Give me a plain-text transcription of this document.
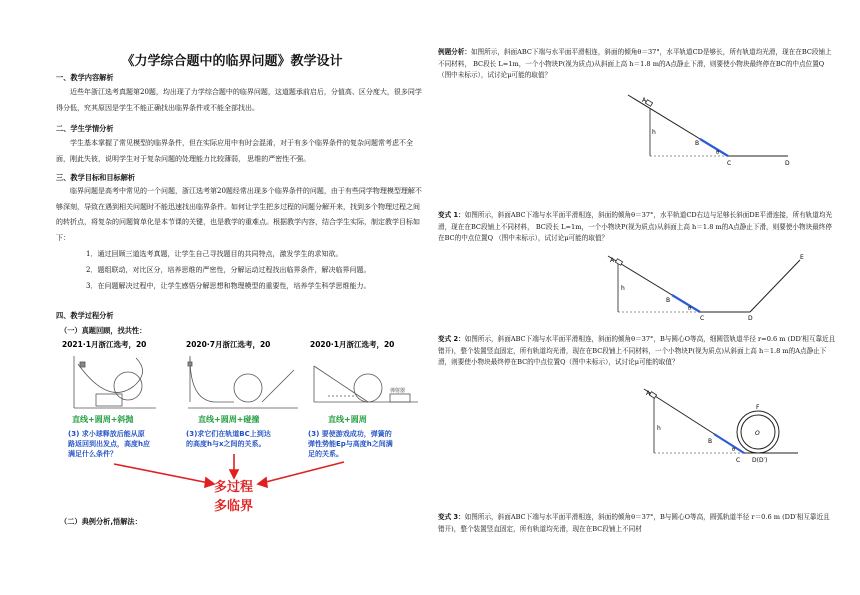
《力学综合题中的临界问题》教学设计
一、教学内容解析
近些年浙江选考真题第20题，均出现了力学综合题中的临界问题，这道题承前启后，分值高、区分度大，很多同学得分低，究其原因是学生不能正确找出临界条件或不能全部找出。
二、学生学情分析
学生基本掌握了常见模型的临界条件，但在实际应用中有时会混淆，对于有多个临界条件的复杂问题常考虑不全面，刚此失彼，说明学生对于复杂问题的处理能力比较薄弱， 思维的严密性不强。
三、教学目标和目标解析
临界问题是高考中常见的一个问题，浙江选考第20题经常出现多个临界条件的问题，由于有些同学物理模型理解不够深刻，导致在遇到相关问题时不能迅速找出临界条件。如何让学生把多过程的问题分解开来，找到多个物理过程之间的转折点，将复杂的问题简单化是本节课的关键，也是教学的重难点。根据教学内容，结合学生实际，制定教学目标如下：
1．通过回顾三道选考真题，让学生自己寻找题目的共同特点，激发学生的求知欲。
2．题组联动，对比区分，培养思维的严密性，分解运动过程找出临界条件，解决临界问题。
3．在问题解决过程中，让学生感悟分解思想和物理模型的重要性，培养学生科学思维能力。
四、教学过程分析
（一）真题回顾，找共性：
（二）典例分析,悟解法：
2021·1月浙江选考，20
直线+圆周+斜抛
(3) 求小球释放后能从原路返回到出发点，高度h应满足什么条件？
2020·7月浙江选考，20
直线+圆周+碰撞
(3)求它们在轨道BC上到达的高度h与x之间的关系。
2020·1月浙江选考，20
弹射器
直线+圆周
(3) 要使游戏成功，弹簧的弹性势能Ep与高度h之间满足的关系。
多过程
多临界
例题分析：如图所示，斜面ABC下端与水平面平滑相连，斜面的倾角θ＝37°，水平轨道CD是够长，所有轨道均光滑，现在在BC段铺上不同材料， BC段长 L=1m，一个小物块P(视为质点)从斜面上高 h＝1.8 m的A点静止下滑，则要使小物块最终停在BC的中点位置Q（图中未标示），试讨论μ可能的取值？
A
h
B
C	D
θ
变式 1：如图所示，斜面ABC下端与水平面平滑相连，斜面的倾角θ＝37°，水平轨道CD右边与足够长斜面DE平滑连接，所有轨道均光滑，现在在BC段铺上不同材料， BC段长 L=1m，一个小物块P(视为质点)从斜面上高 h＝1.8 m的A点静止下滑，则要使小物块最终停在BC的中点位置Q （图中未标示），试讨论μ可能的取值？
A
h
B
C	D
E
θ
变式 2：如图所示，斜面ABC下端与水平面平滑相连，斜面的倾角θ＝37°，B与圆心O等高，细圆管轨道半径 r=0.6 m (DD′相互靠近且错开)，整个装置竖直固定，所有轨道均光滑，现在在BC段铺上不同材料，一个小物块P(视为质点)从斜面上高 h＝1.8 m的A点静止下滑，则要使小物块最终停在BC的中点位置Q（图中未标示），试讨论μ可能的取值？
A
h
B
C D(D′)
F
O
θ
变式 3：如图所示，斜面ABC下端与水平面平滑相连，斜面的倾角θ＝37°，B与圆心O等高，圆弧轨道半径 r＝0.6 m (DD′相互靠近且错开)，整个装置竖直固定，所有轨道均光滑，现在在BC段铺上不同材
